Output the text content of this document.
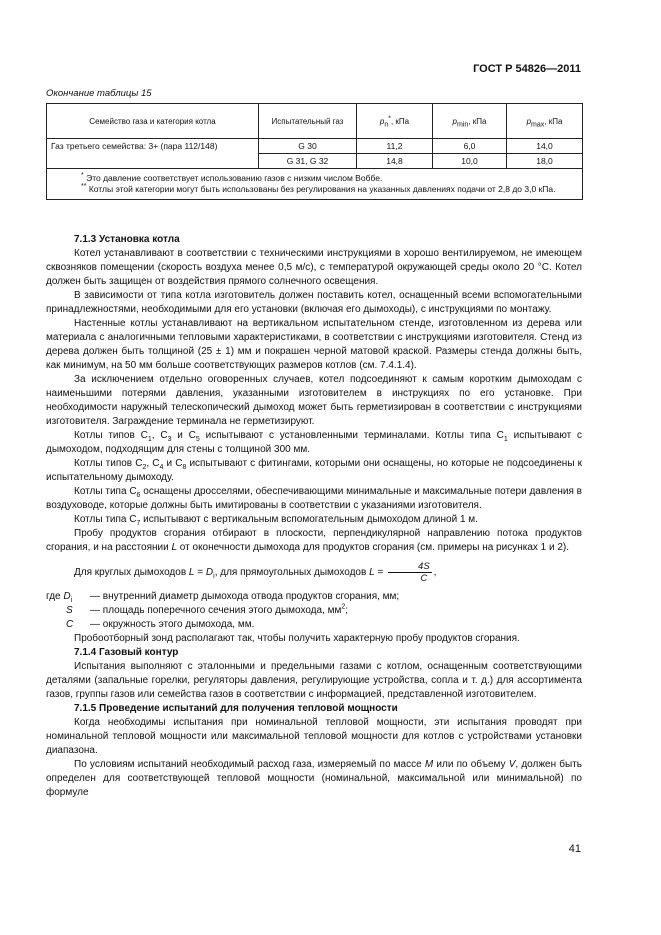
ГОСТ Р 54826—2011
Окончание таблицы 15
Семейство газа и категория котла	Испытательный газ	$p_n^*$, кПа	$p_{min}$, кПа	$p_{max}$, кПа
Газ третьего семейства: 3+ (пара 112/148)	G 30	11,2	6,0	14,0
	G 31, G 32	14,8	10,0	18,0

* Это давление соответствует использованию газов с низким числом Воббе.
** Котлы этой категории могут быть использованы без регулирования на указанных давлениях подачи от 2,8 до 3,0 кПа.				

7.1.3 Установка котла

Котел устанавливают в соответствии с техническими инструкциями в хорошо вентилируемом, не имеющем сквозняков помещении (скорость воздуха менее 0,5 м/с), с температурой окружающей среды около 20 °С. Котел должен быть защищен от воздействия прямого солнечного освещения.

В зависимости от типа котла изготовитель должен поставить котел, оснащенный всеми вспомогательными принадлежностями, необходимыми для его установки (включая его дымоходы), с инструкциями по монтажу.

Настенные котлы устанавливают на вертикальном испытательном стенде, изготовленном из дерева или материала с аналогичными тепловыми характеристиками, в соответствии с инструкциями изготовителя. Стенд из дерева должен быть толщиной (25 ± 1) мм и покрашен черной матовой краской. Размеры стенда должны быть, как минимум, на 50 мм больше соответствующих размеров котлов (см. 7.4.1.4).

За исключением отдельно оговоренных случаев, котел подсоединяют к самым коротким дымоходам с наименьшими потерями давления, указанными изготовителем в инструкциях по его установке. При необходимости наружный телескопический дымоход может быть герметизирован в соответствии с инструкциями изготовителя. Заграждение терминала не герметизируют.

Котлы типов $C_1$, $C_3$ и $C_5$ испытывают с установленными терминалами. Котлы типа $C_1$ испытывают с дымоходом, подходящим для стены с толщиной 300 мм.

Котлы типов $C_2$, $C_4$ и $C_8$ испытывают с фитингами, которыми они оснащены, но которые не подсоединены к испытательному дымоходу.

Котлы типа $C_6$ оснащены дросселями, обеспечивающими минимальные и максимальные потери давления в воздуховоде, которые должны быть имитированы в соответствии с указаниями изготовителя.

Котлы типа $C_7$ испытывают с вертикальным вспомогательным дымоходом длиной 1 м.

Пробу продуктов сгорания отбирают в плоскости, перпендикулярной направлению потока продуктов сгорания, и на расстоянии L от оконечности дымохода для продуктов сгорания (см. примеры на рисунках 1 и 2).

Для круглых дымоходов $L = D_i$, для прямоугольных дымоходов $L = \frac{4S}{C}$ ,

где $D_i$	— внутренний диаметр дымохода отвода продуктов сгорания, мм;
S	— площадь поперечного сечения этого дымохода, $мм^2$;
C	— окружность этого дымохода, мм.

Пробоотборный зонд располагают так, чтобы получить характерную пробу продуктов сгорания.

7.1.4 Газовый контур

Испытания выполняют с эталонными и предельными газами с котлом, оснащенным соответствующими деталями (запальные горелки, регуляторы давления, регулирующие устройства, сопла и т. д.) для ассортимента газов, группы газов или семейства газов в соответствии с информацией, представленной изготовителем.

7.1.5 Проведение испытаний для получения тепловой мощности

Когда необходимы испытания при номинальной тепловой мощности, эти испытания проводят при номинальной тепловой мощности или максимальной тепловой мощности для котлов с устройствами установки диапазона.

По условиям испытаний необходимый расход газа, измеряемый по массе M или по объему V, должен быть определен для соответствующей тепловой мощности (номинальной, максимальной или минимальной) по формуле

41
